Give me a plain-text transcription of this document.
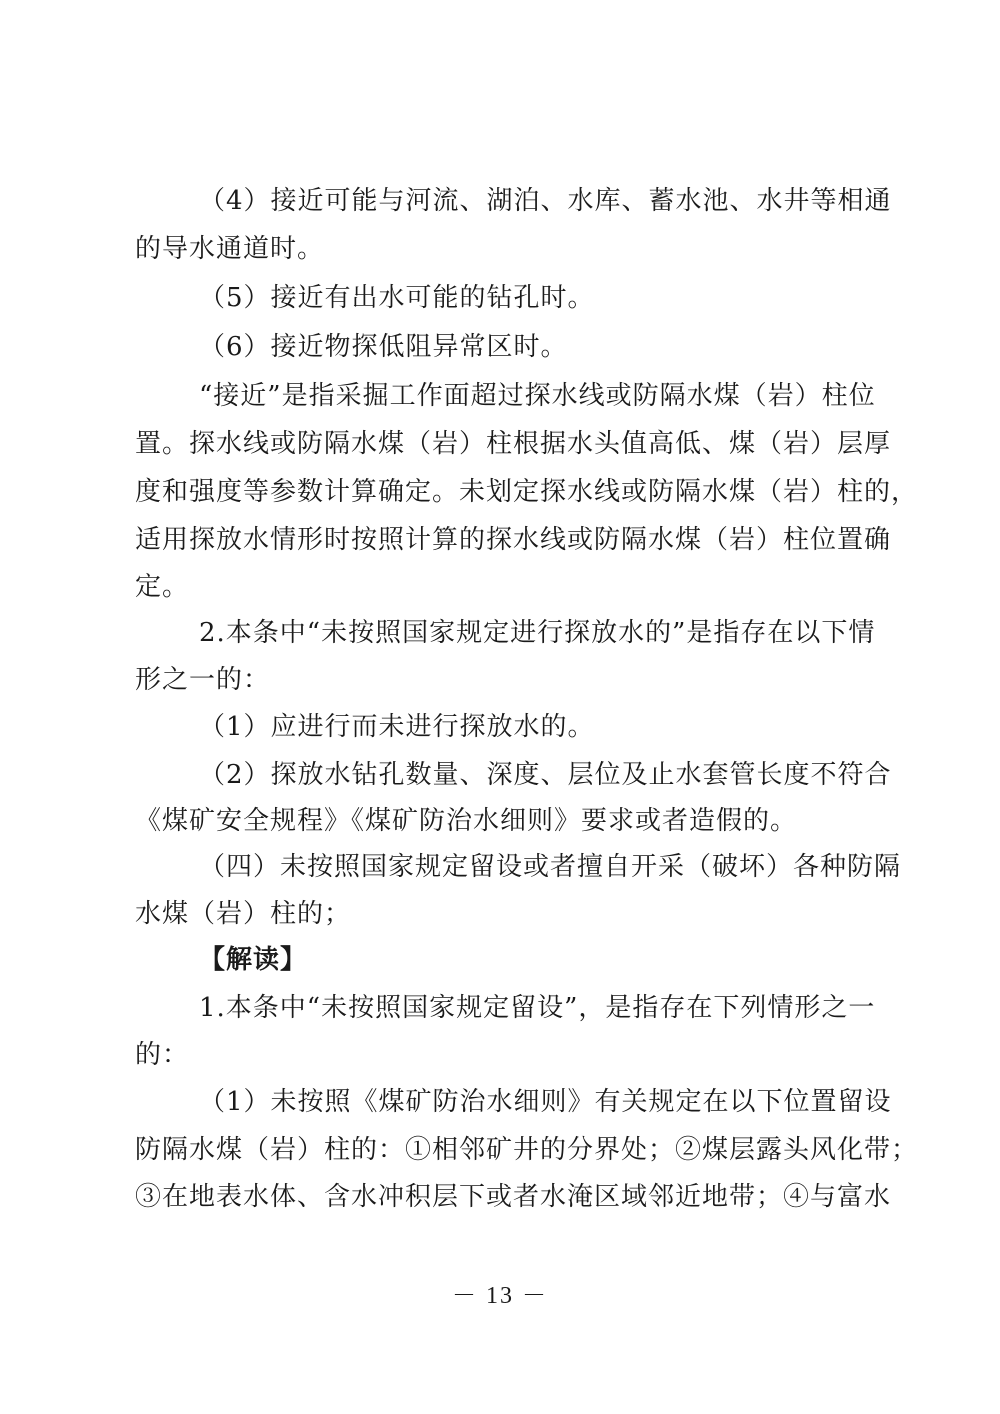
（4）接近可能与河流、湖泊、水库、蓄水池、水井等相通
的导水通道时。
（5）接近有出水可能的钻孔时。
（6）接近物探低阻异常区时。
“接近”是指采掘工作面超过探水线或防隔水煤（岩）柱位
置。探水线或防隔水煤（岩）柱根据水头值高低、煤（岩）层厚
度和强度等参数计算确定。未划定探水线或防隔水煤（岩）柱的，
适用探放水情形时按照计算的探水线或防隔水煤（岩）柱位置确
定。
2.本条中“未按照国家规定进行探放水的”是指存在以下情
形之一的：
（1）应进行而未进行探放水的。
（2）探放水钻孔数量、深度、层位及止水套管长度不符合
《煤矿安全规程》《煤矿防治水细则》要求或者造假的。
（四）未按照国家规定留设或者擅自开采（破坏）各种防隔
水煤（岩）柱的；
【解读】
1.本条中“未按照国家规定留设”，是指存在下列情形之一
的：
（1）未按照《煤矿防治水细则》有关规定在以下位置留设
防隔水煤（岩）柱的：①相邻矿井的分界处；②煤层露头风化带；
③在地表水体、含水冲积层下或者水淹区域邻近地带；④与富水
－ 13 －
